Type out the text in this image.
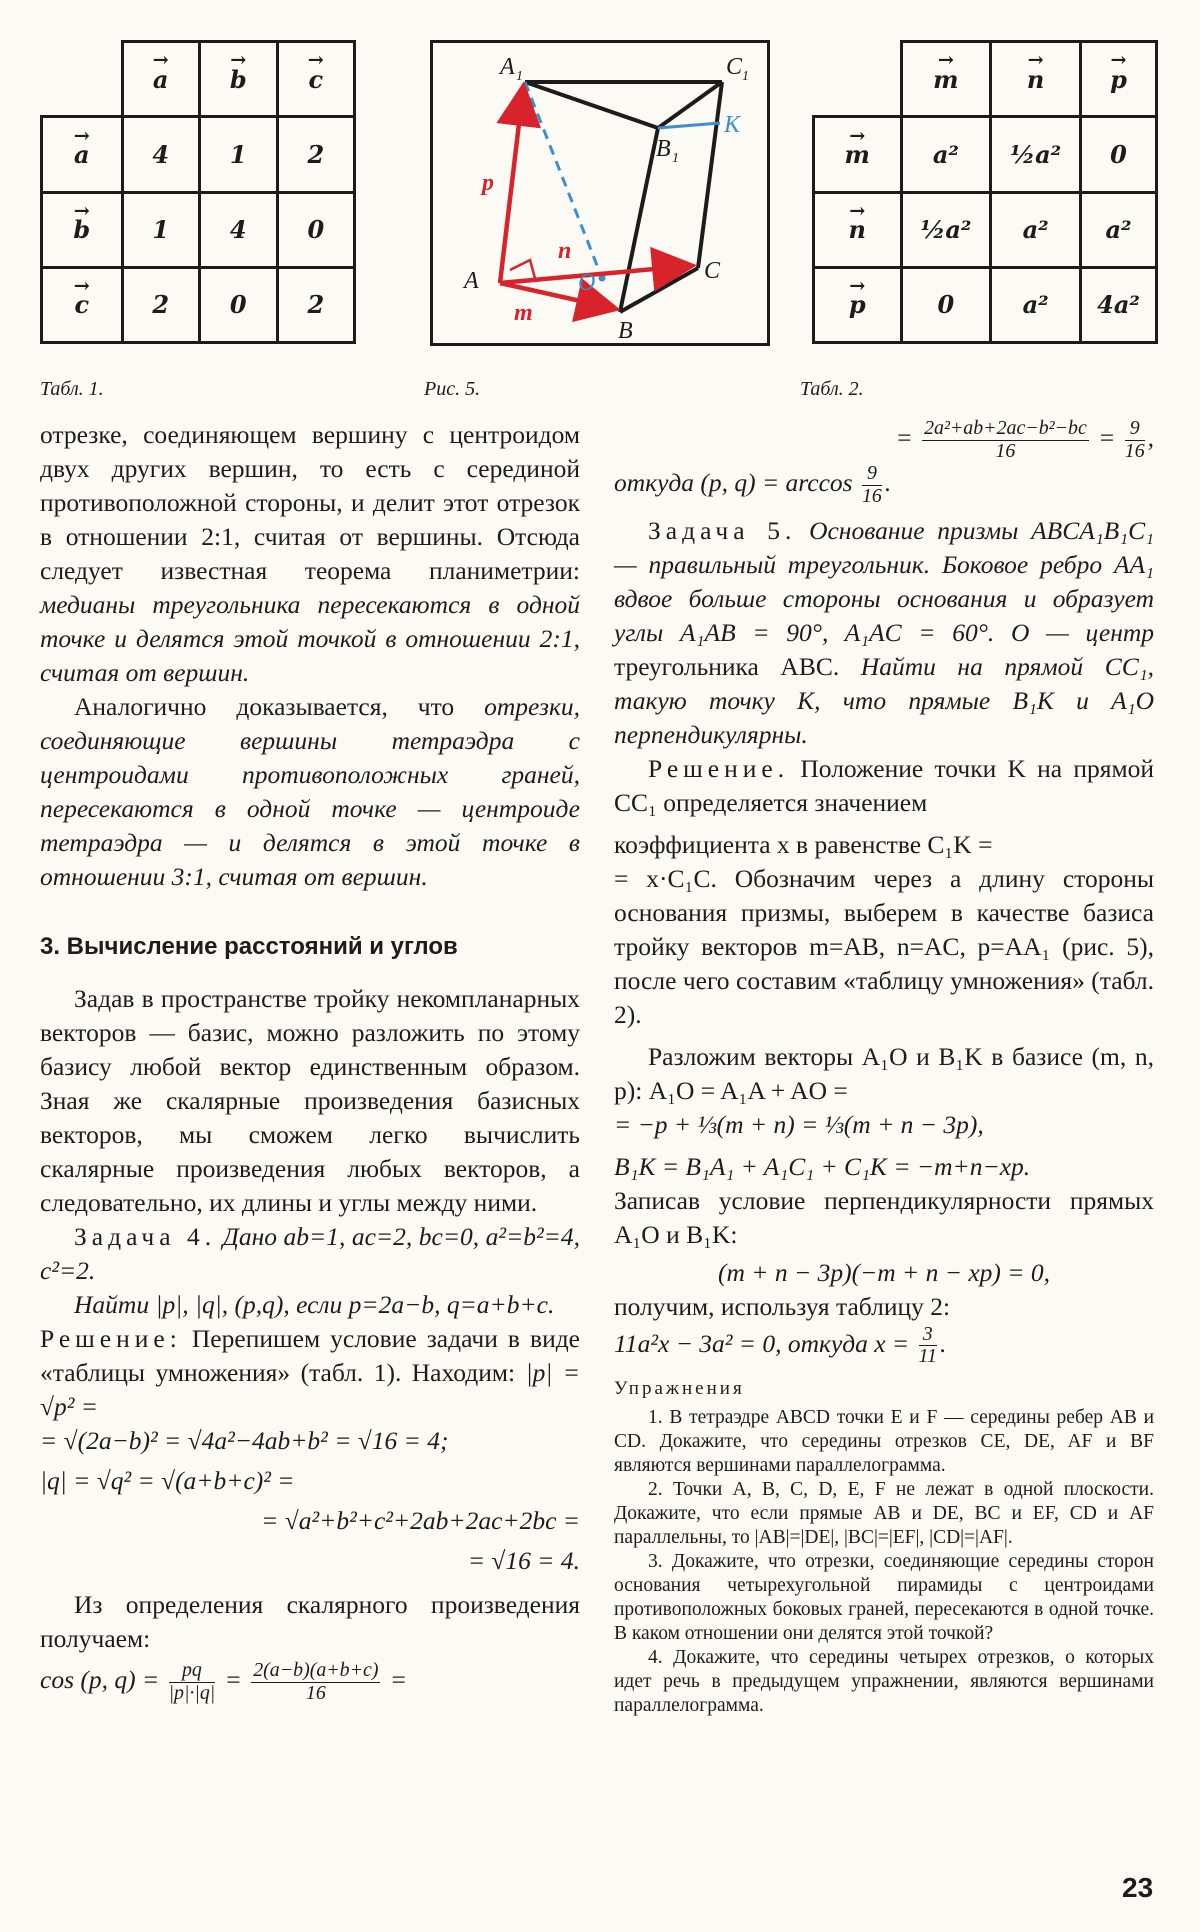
	→ a	→ b	→ c
→ a	4	1	2
→ b	1	4	0
→ c	2	0	2
A 1	C 1
B 1
A
B
C
K
O
p
n
m
	→ m	→ n	→ p
→ m	a²	½a²	0
→ n	½a²	a²	a²
→ p	0	a²	4a²
Табл. 1.	Рис. 5.	Табл. 2.

отрезке, соединяющем вершину с центроидом двух других вершин, то есть с серединой противоположной стороны, и делит этот отрезок в отношении 2:1, считая от вершины. Отсюда следует известная теорема планиметрии: медианы треугольника пересекаются в одной точке и делятся этой точкой в отношении 2:1, считая от вершин.

Аналогично доказывается, что отрезки, соединяющие вершины тетраэдра с центроидами противоположных граней, пересекаются в одной точке — центроиде тетраэдра — и делятся в этой точке в отношении 3:1, считая от вершин.

3. Вычисление расстояний и углов

Задав в пространстве тройку некомпланарных векторов — базис, можно разложить по этому базису любой вектор единственным образом. Зная же скалярные произведения базисных векторов, мы сможем легко вычислить скалярные произведения любых векторов, а следовательно, их длины и углы между ними.

Задача 4. Дано ab=1, ac=2, bc=0, a²=b²=4, c²=2.

Найти |p|, |q|, (p,q), если p=2a−b, q=a+b+c.

Решение: Перепишем условие задачи в виде «таблицы умножения» (табл. 1). Находим: |p| = √p² =

= √(2a−b)² = √4a²−4ab+b² = √16 = 4;

|q| = √q² = √(a+b+c)² =

= √a²+b²+c²+2ab+2ac+2bc =

= √16 = 4.

Из определения скалярного произведения получаем:

cos (p, $q) = \frac{pq}{|p|\cdot|q|} = \frac{2(a-b)(a+b+c)}{16}$ =

= $\frac{\text{2a²+ab+2ac−b²−bc}}{16} = \frac{9}{16}$ ,

откуда (p, $q) = \arccos \frac{9}{16}$ .

Задача 5. Основание призмы ABCA₁B₁C₁ — правильный треугольник. Боковое ребро AA₁ вдвое больше стороны основания и образует углы A₁AB = 90°, A₁AC = 60°. O — центр треугольника ABC. Найти на прямой CC₁, такую точку K, что прямые B₁K и A₁O перпендикулярны.

Решение. Положение точки K на прямой CC₁ определяется значением

коэффициента x в равенстве C₁K =

= x·C₁C. Обозначим через a длину стороны основания призмы, выберем в качестве базиса тройку векторов m=AB, n=AC, p=AA₁ (рис. 5), после чего составим «таблицу умножения» (табл. 2).

Разложим векторы A₁O и B₁K в базисе (m, n, p): A₁O = A₁A + AO =

= −p + ⅓(m + n) = ⅓(m + n − 3p),

B₁K = B₁A₁ + A₁C₁ + C₁K = −m+n−xp.

Записав условие перпендикулярности прямых A₁O и B₁K:

(m + n − 3p)(−m + n − xp) = 0,

получим, используя таблицу 2:

11a²x − 3a² = 0, откуда $x = \frac{3}{11}$ .

Упражнения

1. В тетраэдре ABCD точки E и F — середины ребер AB и CD. Докажите, что середины отрезков CE, DE, AF и BF являются вершинами параллелограмма.

2. Точки A, B, C, D, E, F не лежат в одной плоскости. Докажите, что если прямые AB и DE, BC и EF, CD и AF параллельны, то |AB|=|DE|, |BC|=|EF|, |CD|=|AF|.

3. Докажите, что отрезки, соединяющие середины сторон основания четырехугольной пирамиды с центроидами противоположных боковых граней, пересекаются в одной точке. В каком отношении они делятся этой точкой?

4. Докажите, что середины четырех отрезков, о которых идет речь в предыдущем упражнении, являются вершинами параллелограмма.

23
